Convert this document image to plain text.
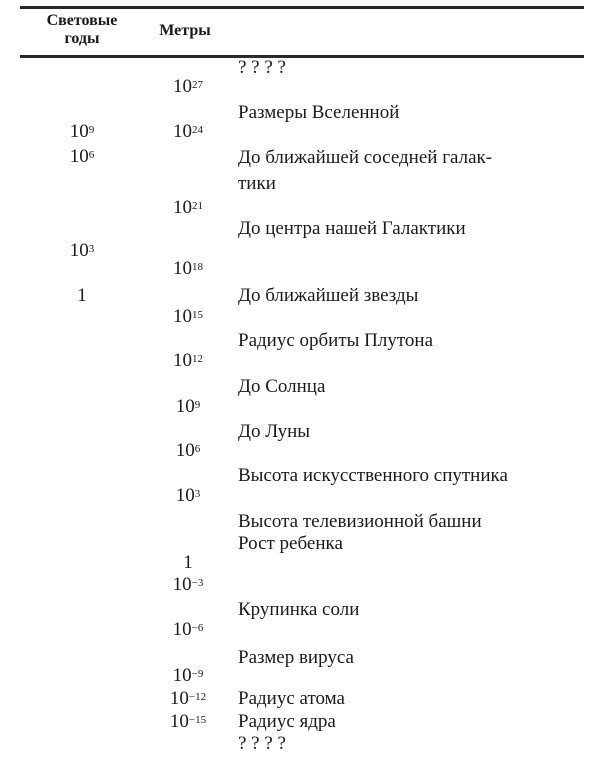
Световые
годы	Метры
$10^9$
$10^6$
$10^3$
1
$10^{27}$
$10^{24}$
$10^{21}$
$10^{18}$
$10^{15}$
$10^{12}$
$10^9$
$10^6$
$10^3$
1
$10^{-3}$
$10^{-6}$
$10^{-9}$
$10^{-12}$
$10^{-15}$
? ? ? ?
Размеры Вселенной
До ближайшей соседней галак-
тики
До центра нашей Галактики
До ближайшей звезды
Радиус орбиты Плутона
До Солнца
До Луны
Высота искусственного спутника
Высота телевизионной башни
Рост ребенка
Крупинка соли
Размер вируса
Радиус атома
Радиус ядра
? ? ? ?
